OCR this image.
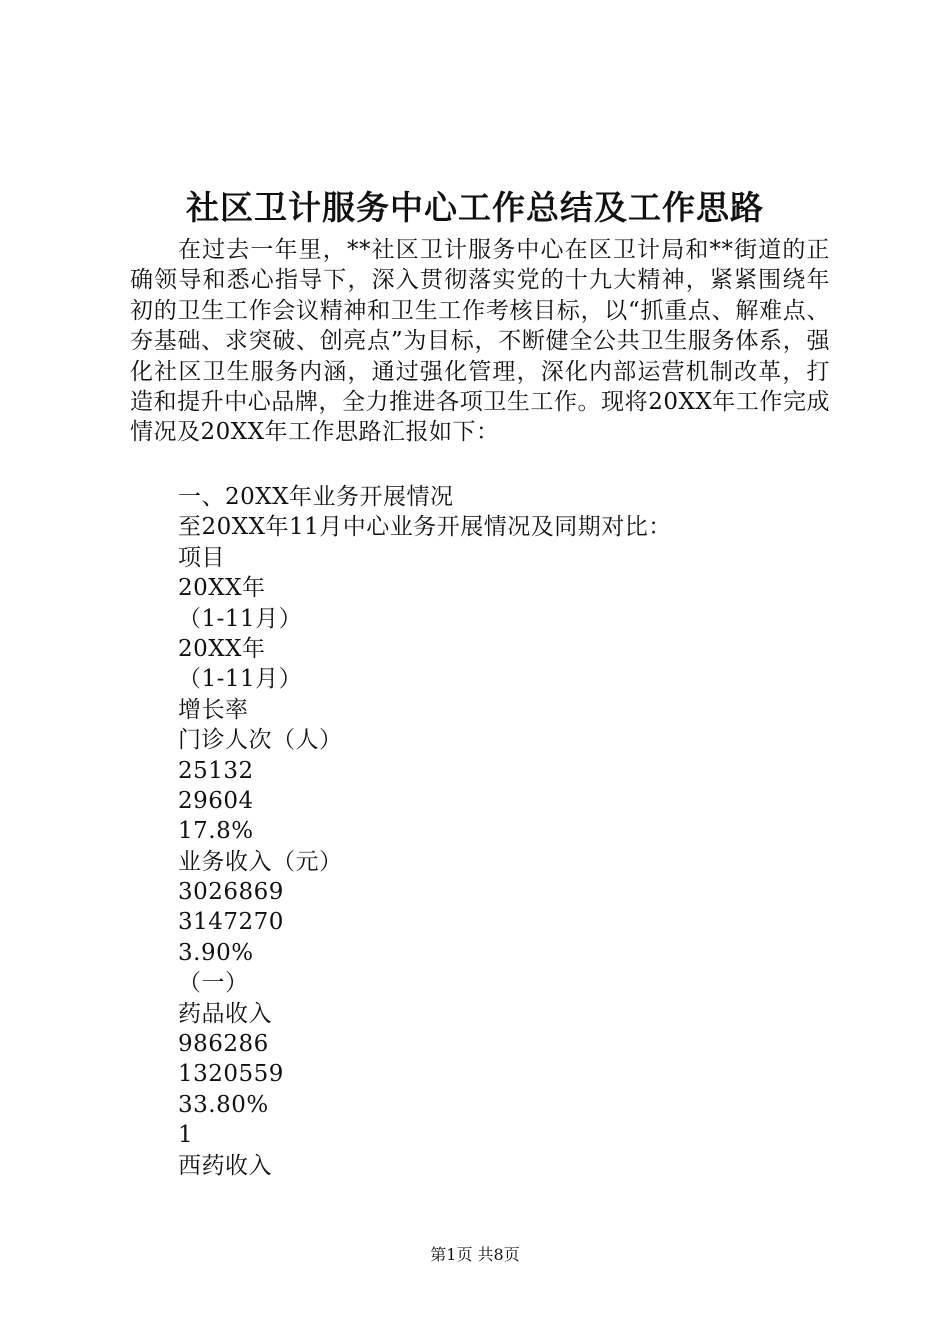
社区卫计服务中心工作总结及工作思路

在过去一年里，**社区卫计服务中心在区卫计局和**街道的正确领导和悉心指导下，深入贯彻落实党的十九大精神，紧紧围绕年初的卫生工作会议精神和卫生工作考核目标，以“抓重点、解难点、夯基础、求突破、创亮点”为目标，不断健全公共卫生服务体系，强化社区卫生服务内涵，通过强化管理，深化内部运营机制改革，打造和提升中心品牌，全力推进各项卫生工作。现将20XX年工作完成情况及20XX年工作思路汇报如下：

一、20XX年业务开展情况
至20XX年11月中心业务开展情况及同期对比：
项目
20XX年
（1-11月）
20XX年
（1-11月）
增长率
门诊人次（人）
25132
29604
17.8%
业务收入（元）
3026869
3147270
3.90%
（一）
药品收入
986286
1320559
33.80%
1
西药收入
第1页 共8页
